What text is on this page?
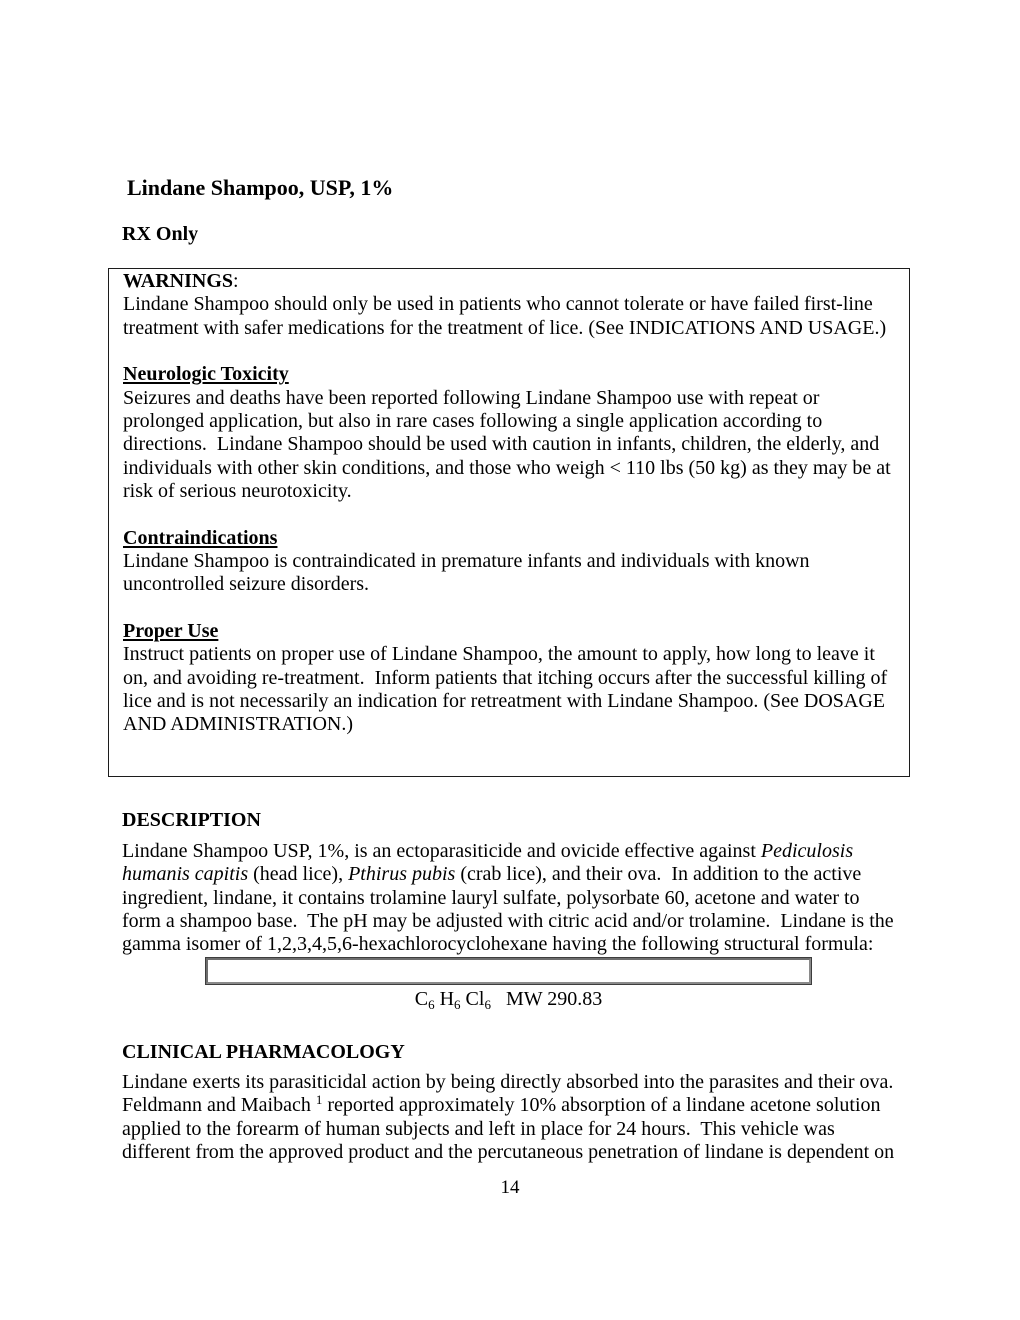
Lindane Shampoo, USP, 1%
RX Only
WARNINGS:
Lindane Shampoo should only be used in patients who cannot tolerate or have failed first-line
treatment with safer medications for the treatment of lice. (See INDICATIONS AND USAGE.)
Neurologic Toxicity
Seizures and deaths have been reported following Lindane Shampoo use with repeat or
prolonged application, but also in rare cases following a single application according to
directions.  Lindane Shampoo should be used with caution in infants, children, the elderly, and
individuals with other skin conditions, and those who weigh < 110 lbs (50 kg) as they may be at
risk of serious neurotoxicity.
Contraindications
Lindane Shampoo is contraindicated in premature infants and individuals with known
uncontrolled seizure disorders.
Proper Use
Instruct patients on proper use of Lindane Shampoo, the amount to apply, how long to leave it
on, and avoiding re-treatment.  Inform patients that itching occurs after the successful killing of
lice and is not necessarily an indication for retreatment with Lindane Shampoo. (See DOSAGE
AND ADMINISTRATION.)
DESCRIPTION
Lindane Shampoo USP, 1%, is an ectoparasiticide and ovicide effective against Pediculosis
humanis capitis (head lice), Pthirus pubis (crab lice), and their ova.  In addition to the active
ingredient, lindane, it contains trolamine lauryl sulfate, polysorbate 60, acetone and water to
form a shampoo base.  The pH may be adjusted with citric acid and/or trolamine.  Lindane is the
gamma isomer of 1,2,3,4,5,6-hexachlorocyclohexane having the following structural formula:
$C_6$ $H_6$ $Cl_6$   MW 290.83
CLINICAL PHARMACOLOGY
Lindane exerts its parasiticidal action by being directly absorbed into the parasites and their ova.
Feldmann and Maibach $^1$ reported approximately 10% absorption of a lindane acetone solution
applied to the forearm of human subjects and left in place for 24 hours.  This vehicle was
different from the approved product and the percutaneous penetration of lindane is dependent on
14
